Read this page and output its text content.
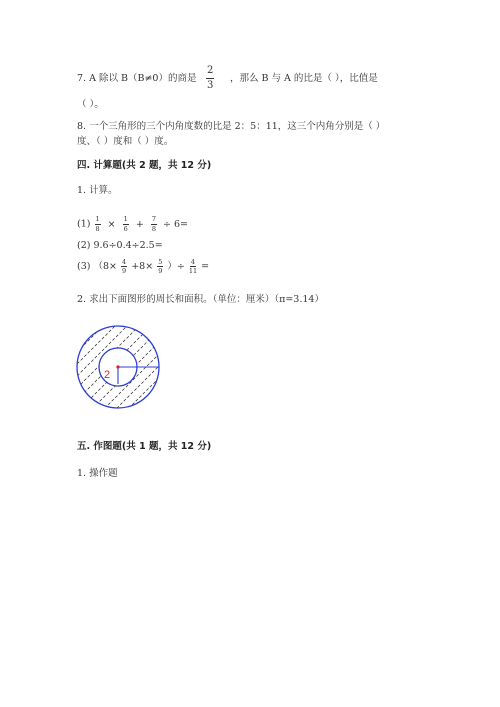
7. A 除以 B（B≠0）的商是 $\frac{2}{3}$ ，那么 B 与 A 的比是（ ），比值是
（ ）。
8. 一个三角形的三个内角度数的比是 2：5：11，这三个内角分别是（ ）
度、（ ）度和（ ）度。
四. 计算题(共 2 题，共 12 分)
1. 计算。
$(1) \frac{1}{8} \times \frac{1}{6} + \frac{7}{8} \div 6=$
(2) 9.6÷0.4÷2.5=
(3) （$8\times \frac{4}{9} +8\times \frac{5}{9}$ ）÷ $\frac{4}{11}$ =
2. 求出下面图形的周长和面积。（单位：厘米）（π=3.14）
2
五. 作图题(共 1 题，共 12 分)
1. 操作题
